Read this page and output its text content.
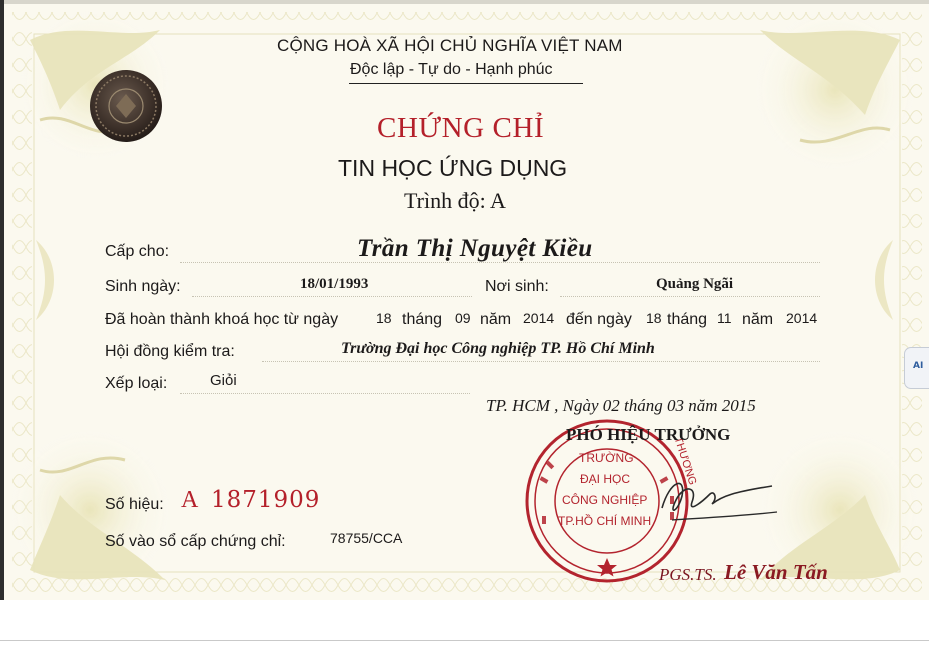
CỘNG HOÀ XÃ HỘI CHỦ NGHĨA VIỆT NAM
Độc lập - Tự do - Hạnh phúc
CHỨNG CHỈ
TIN HỌC ỨNG DỤNG
Trình độ: A
Cấp cho:	Trần Thị Nguyệt Kiều
Sinh ngày:	18/01/1993	Nơi sinh:	Quảng Ngãi
Đã hoàn thành khoá học từ ngày	18 tháng 09 năm 2014 đến ngày 18 tháng 11 năm 2014
Hội đồng kiểm tra:	Trường Đại học Công nghiệp TP. Hồ Chí Minh
Xếp loại:	Giỏi
TP. HCM , Ngày 02 tháng 03 năm 2015
TRƯỜNG
ĐẠI HỌC
CÔNG NGHIỆP
TP.HỒ CHÍ MINH
THƯƠNG
PHÓ HIỆU TRƯỞNG
PGS.TS. Lê Văn Tấn
Số hiệu: A 1871909
Số vào sổ cấp chứng chỉ:	78755/CCA
AI
